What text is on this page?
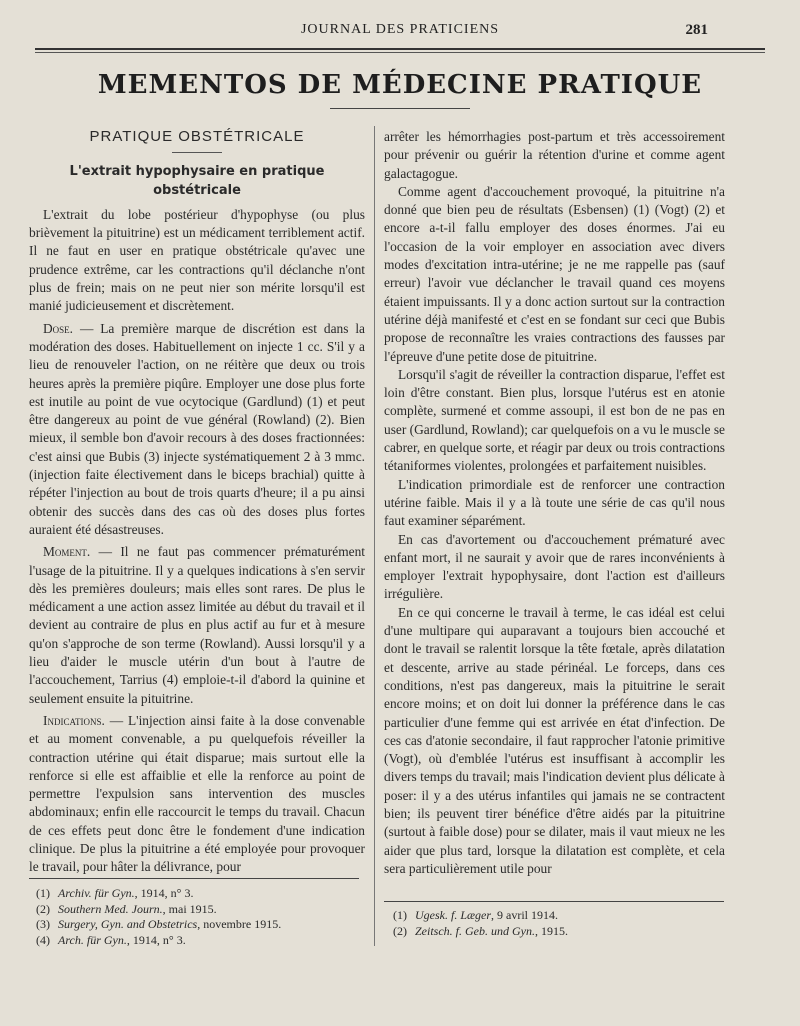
JOURNAL DES PRATICIENS	281
MEMENTOS DE MÉDECINE PRATIQUE
PRATIQUE OBSTÉTRICALE
L'extrait hypophysaire en pratique obstétricale

L'extrait du lobe postérieur d'hypophyse (ou plus brièvement la pituitrine) est un médicament terriblement actif. Il ne faut en user en pratique obstétricale qu'avec une prudence extrême, car les contractions qu'il déclanche n'ont plus de frein; mais on ne peut nier son mérite lorsqu'il est manié judicieusement et discrètement.

Dose. — La première marque de discrétion est dans la modération des doses. Habituellement on injecte 1 cc. S'il y a lieu de renouveler l'action, on ne réitère que deux ou trois heures après la première piqûre. Employer une dose plus forte est inutile au point de vue ocytocique (Gardlund) (1) et peut être dangereux au point de vue général (Rowland) (2). Bien mieux, il semble bon d'avoir recours à des doses fractionnées: c'est ainsi que Bubis (3) injecte systématiquement 2 à 3 mmc. (injection faite électivement dans le biceps brachial) quitte à répéter l'injection au bout de trois quarts d'heure; il a pu ainsi obtenir des succès dans des cas où des doses plus fortes auraient été désastreuses.

Moment. — Il ne faut pas commencer prématurément l'usage de la pituitrine. Il y a quelques indications à s'en servir dès les premières douleurs; mais elles sont rares. De plus le médicament a une action assez limitée au début du travail et il devient au contraire de plus en plus actif au fur et à mesure qu'on s'approche de son terme (Rowland). Aussi lorsqu'il y a lieu d'aider le muscle utérin d'un bout à l'autre de l'accouchement, Tarrius (4) emploie-t-il d'abord la quinine et seulement ensuite la pituitrine.

Indications. — L'injection ainsi faite à la dose convenable et au moment convenable, a pu quelquefois réveiller la contraction utérine qui était disparue; mais surtout elle la renforce si elle est affaiblie et elle la renforce au point de permettre l'expulsion sans intervention des muscles abdominaux; enfin elle raccourcit le temps du travail. Chacun de ces effets peut donc être le fondement d'une indication clinique. De plus la pituitrine a été employée pour provoquer le travail, pour hâter la délivrance, pour

arrêter les hémorrhagies post-partum et très accessoirement pour prévenir ou guérir la rétention d'urine et comme agent galactagogue.

Comme agent d'accouchement provoqué, la pituitrine n'a donné que bien peu de résultats (Esbensen) (1) (Vogt) (2) et encore a-t-il fallu employer des doses énormes. J'ai eu l'occasion de la voir employer en association avec divers modes d'excitation intra-utérine; je ne me rappelle pas (sauf erreur) l'avoir vue déclancher le travail quand ces moyens étaient impuissants. Il y a donc action surtout sur la contraction utérine déjà manifesté et c'est en se fondant sur ceci que Bubis propose de reconnaître les vraies contractions des fausses par l'épreuve d'une petite dose de pituitrine.

Lorsqu'il s'agit de réveiller la contraction disparue, l'effet est loin d'être constant. Bien plus, lorsque l'utérus est en atonie complète, surmené et comme assoupi, il est bon de ne pas en user (Gardlund, Rowland); car quelquefois on a vu le muscle se cabrer, en quelque sorte, et réagir par deux ou trois contractions tétaniformes violentes, prolongées et parfaitement nuisibles.

L'indication primordiale est de renforcer une contraction utérine faible. Mais il y a là toute une série de cas qu'il nous faut examiner séparément.

En cas d'avortement ou d'accouchement prématuré avec enfant mort, il ne saurait y avoir que de rares inconvénients à employer l'extrait hypophysaire, dont l'action est d'ailleurs irrégulière.

En ce qui concerne le travail à terme, le cas idéal est celui d'une multipare qui auparavant a toujours bien accouché et dont le travail se ralentit lorsque la tête fœtale, après dilatation et descente, arrive au stade périnéal. Le forceps, dans ces conditions, n'est pas dangereux, mais la pituitrine le serait encore moins; et on doit lui donner la préférence dans le cas particulier d'une femme qui est arrivée en état d'infection. De ces cas d'atonie secondaire, il faut rapprocher l'atonie primitive (Vogt), où d'emblée l'utérus est insuffisant à accomplir les divers temps du travail; mais l'indication devient plus délicate à poser: il y a des utérus infantiles qui jamais ne se contractent bien; ils peuvent tirer bénéfice d'être aidés par la pituitrine (surtout à faible dose) pour se dilater, mais il vaut mieux ne les aider que plus tard, lorsque la dilatation est complète, et cela sera particulièrement utile pour

(1) Archiv. für Gyn., 1914, n° 3.
(2) Southern Med. Journ., mai 1915.
(3) Surgery, Gyn. and Obstetrics, novembre 1915.
(4) Arch. für Gyn., 1914, n° 3.
(1) Ugesk. f. Læger, 9 avril 1914.
(2) Zeitsch. f. Geb. und Gyn., 1915.
